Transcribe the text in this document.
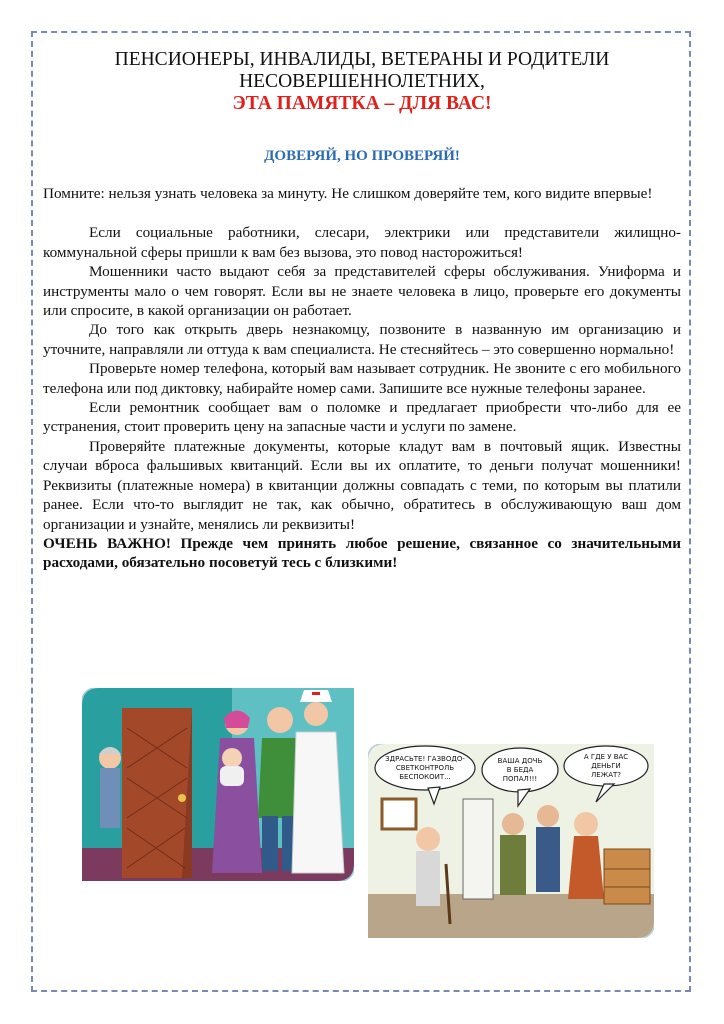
ПЕНСИОНЕРЫ, ИНВАЛИДЫ, ВЕТЕРАНЫ И РОДИТЕЛИ
НЕСОВЕРШЕННОЛЕТНИХ,
ЭТА ПАМЯТКА – ДЛЯ ВАС!
ДОВЕРЯЙ, НО ПРОВЕРЯЙ!

Помните: нельзя узнать человека за минуту. Не слишком доверяйте тем, кого видите впервые!

Если социальные работники, слесари, электрики или представители жилищно-коммунальной сферы пришли к вам без вызова, это повод насторожиться!

Мошенники часто выдают себя за представителей сферы обслуживания. Униформа и инструменты мало о чем говорят. Если вы не знаете человека в лицо, проверьте его документы или спросите, в какой организации он работает.

До того как открыть дверь незнакомцу, позвоните в названную им организацию и уточните, направляли ли оттуда к вам специалиста. Не стесняйтесь – это совершенно нормально!

Проверьте номер телефона, который вам называет сотрудник. Не звоните с его мобильного телефона или под диктовку, набирайте номер сами. Запишите все нужные телефоны заранее.

Если ремонтник сообщает вам о поломке и предлагает приобрести что-либо для ее устранения, стоит проверить цену на запасные части и услуги по замене.

Проверяйте платежные документы, которые кладут вам в почтовый ящик. Известны случаи вброса фальшивых квитанций. Если вы их оплатите, то деньги получат мошенники! Реквизиты (платежные номера) в квитанции должны совпадать с теми, по которым вы платили ранее. Если что-то выглядит не так, как обычно, обратитесь в обслуживающую ваш дом организации и узнайте, менялись ли реквизиты!

ОЧЕНЬ ВАЖНО! Прежде чем принять любое решение, связанное со значительными расходами, обязательно посоветуй тесь с близкими!

ЗДРАСЬТЕ! ГАЗВОДО-
СВЕТКОНТРОЛЬ
БЕСПОКОИТ...
ВАША ДОЧЬ
В БЕДА
ПОПАЛ!!!
А ГДЕ У ВАС
ДЕНЬГИ
ЛЕЖАТ?
